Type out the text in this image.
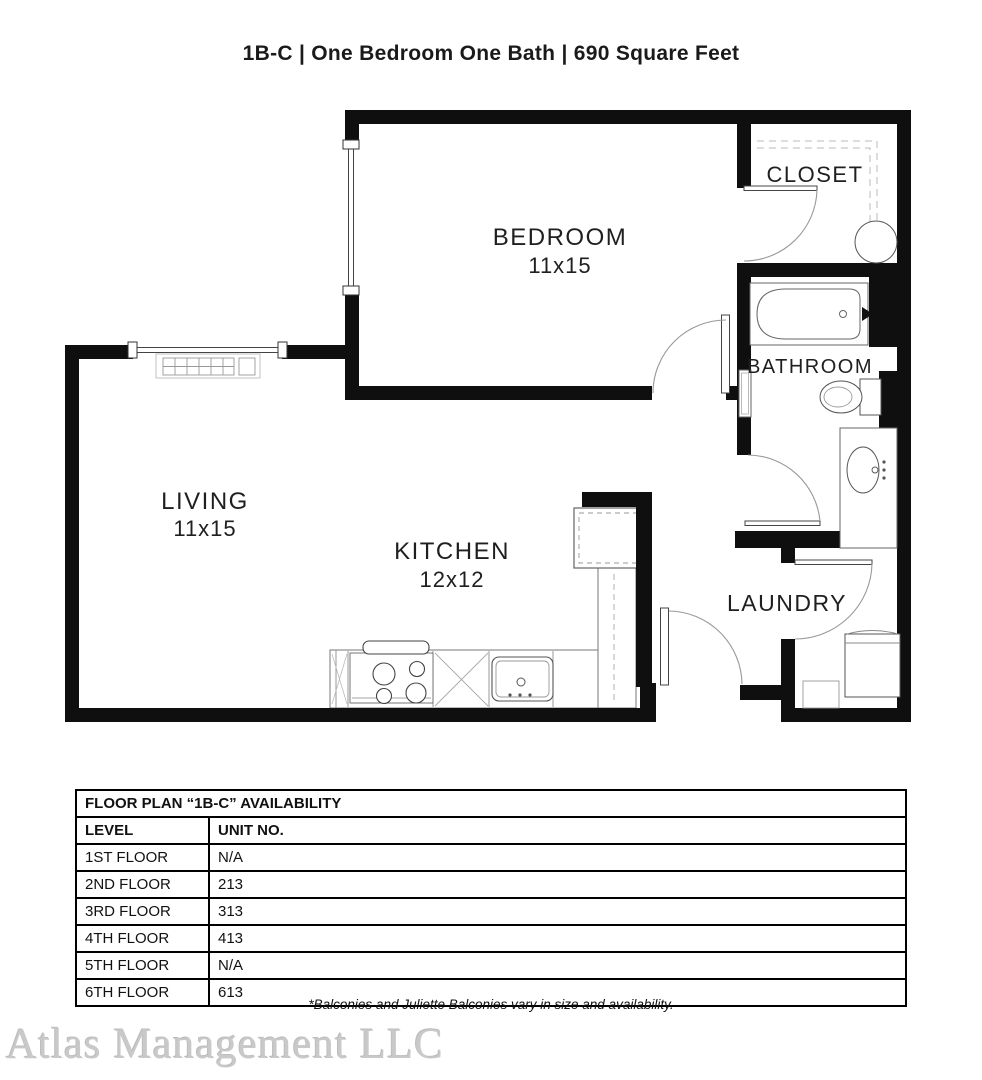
1B-C | One Bedroom One Bath | 690 Square Feet
BEDROOM
11x15
CLOSET
BATHROOM
LIVING
11x15
KITCHEN
12x12
LAUNDRY
FLOOR PLAN “1B-C” AVAILABILITY	
LEVEL	UNIT NO.
1ST FLOOR	N/A
2ND FLOOR	213
3RD FLOOR	313
4TH FLOOR	413
5TH FLOOR	N/A
6TH FLOOR	613
*Balconies and Juliette Balconies vary in size and availability.
Atlas Management LLC
